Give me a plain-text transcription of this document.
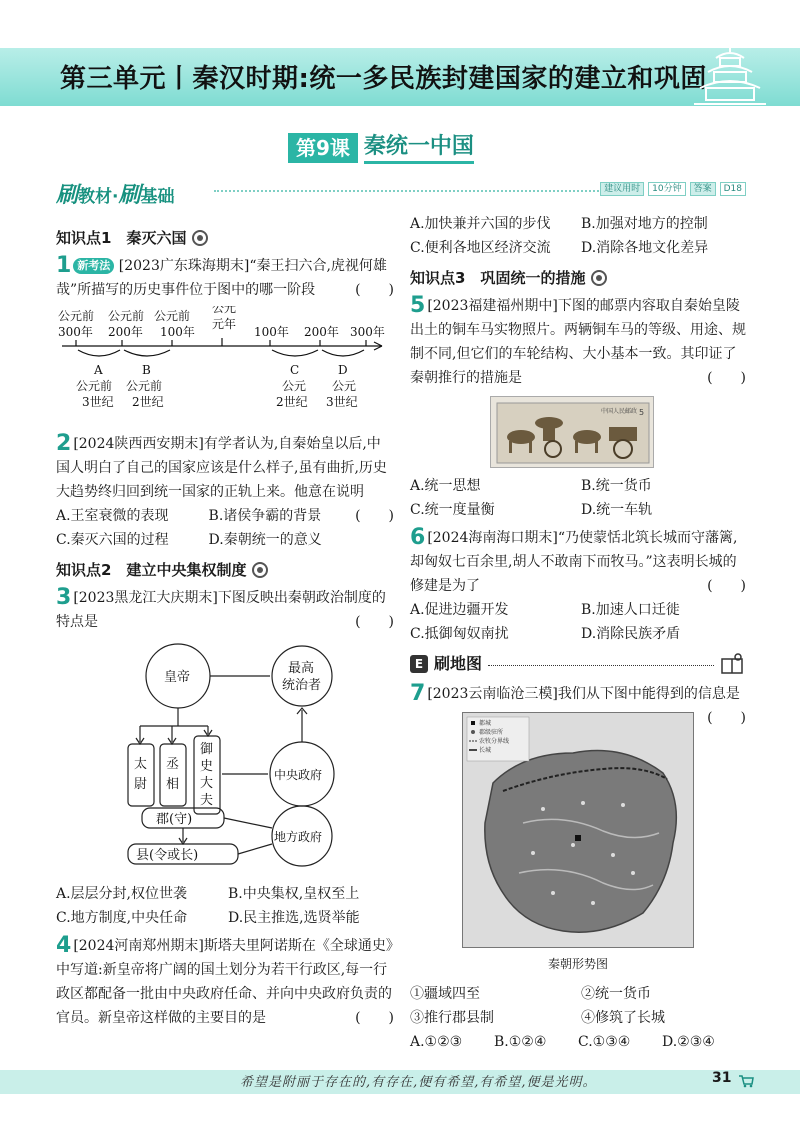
第三单元丨秦汉时期:统一多民族封建国家的建立和巩固
第9课 秦统一中国
刷教材·刷基础	建议用时	10分钟	答案	D18
知识点1　秦灭六国
1 新考法 [2023广东珠海期末]“秦王扫六合,虎视何雄哉”所描写的历史事件位于图中的哪一阶段	(　　)
公元前
300年
公元前
200年
公元前
100年
公元
元年
100年 200年 300年
A	B	C	D
公元前
3世纪
公元前
2世纪
公元
2世纪
公元
3世纪
2 [2024陕西西安期末]有学者认为,自秦始皇以后,中国人明白了自己的国家应该是什么样子,虽有曲折,历史大趋势终归回到统一国家的正轨上来。他意在说明
(　　)
A.王室衰微的表现	B.诸侯争霸的背景
C.秦灭六国的过程	D.秦朝统一的意义
知识点2　建立中央集权制度
3 [2023黑龙江大庆期末]下图反映出秦朝政治制度的特点是	(　　)
皇帝
最高
统治者
中央政府
地方政府
太
尉
丞
相
御
史
大
夫
郡(守)
县(令或长)
A.层层分封,权位世袭	B.中央集权,皇权至上
C.地方制度,中央任命	D.民主推选,选贤举能
4 [2024河南郑州期末]斯塔夫里阿诺斯在《全球通史》中写道:新皇帝将广阔的国土划分为若干行政区,每一行政区都配备一批由中央政府任命、并向中央政府负责的官员。新皇帝这样做的主要目的是	(　　)
A.加快兼并六国的步伐	B.加强对地方的控制
C.便利各地区经济交流	D.消除各地文化差异
知识点3　巩固统一的措施
5 [2023福建福州期中]下图的邮票内容取自秦始皇陵出土的铜车马实物照片。两辆铜车马的等级、用途、规制不同,但它们的车轮结构、大小基本一致。其印证了秦朝推行的措施是	(　　)
中国人民邮政 5
A.统一思想	B.统一货币
C.统一度量衡	D.统一车轨
6 [2024海南海口期末]“乃使蒙恬北筑长城而守藩篱,却匈奴七百余里,胡人不敢南下而牧马。”这表明长城的修建是为了	(　　)
A.促进边疆开发	B.加速人口迁徙
C.抵御匈奴南扰	D.消除民族矛盾
E 刷地图
7 [2023云南临沧三模]我们从下图中能得到的信息是
(　　)
都城
郡级驻所
农牧分界线
长城
秦朝形势图
①疆域四至	②统一货币
③推行郡县制	④修筑了长城
A.①②③	B.①②④	C.①③④	D.②③④
希望是附丽于存在的,有存在,便有希望,有希望,便是光明。	31
